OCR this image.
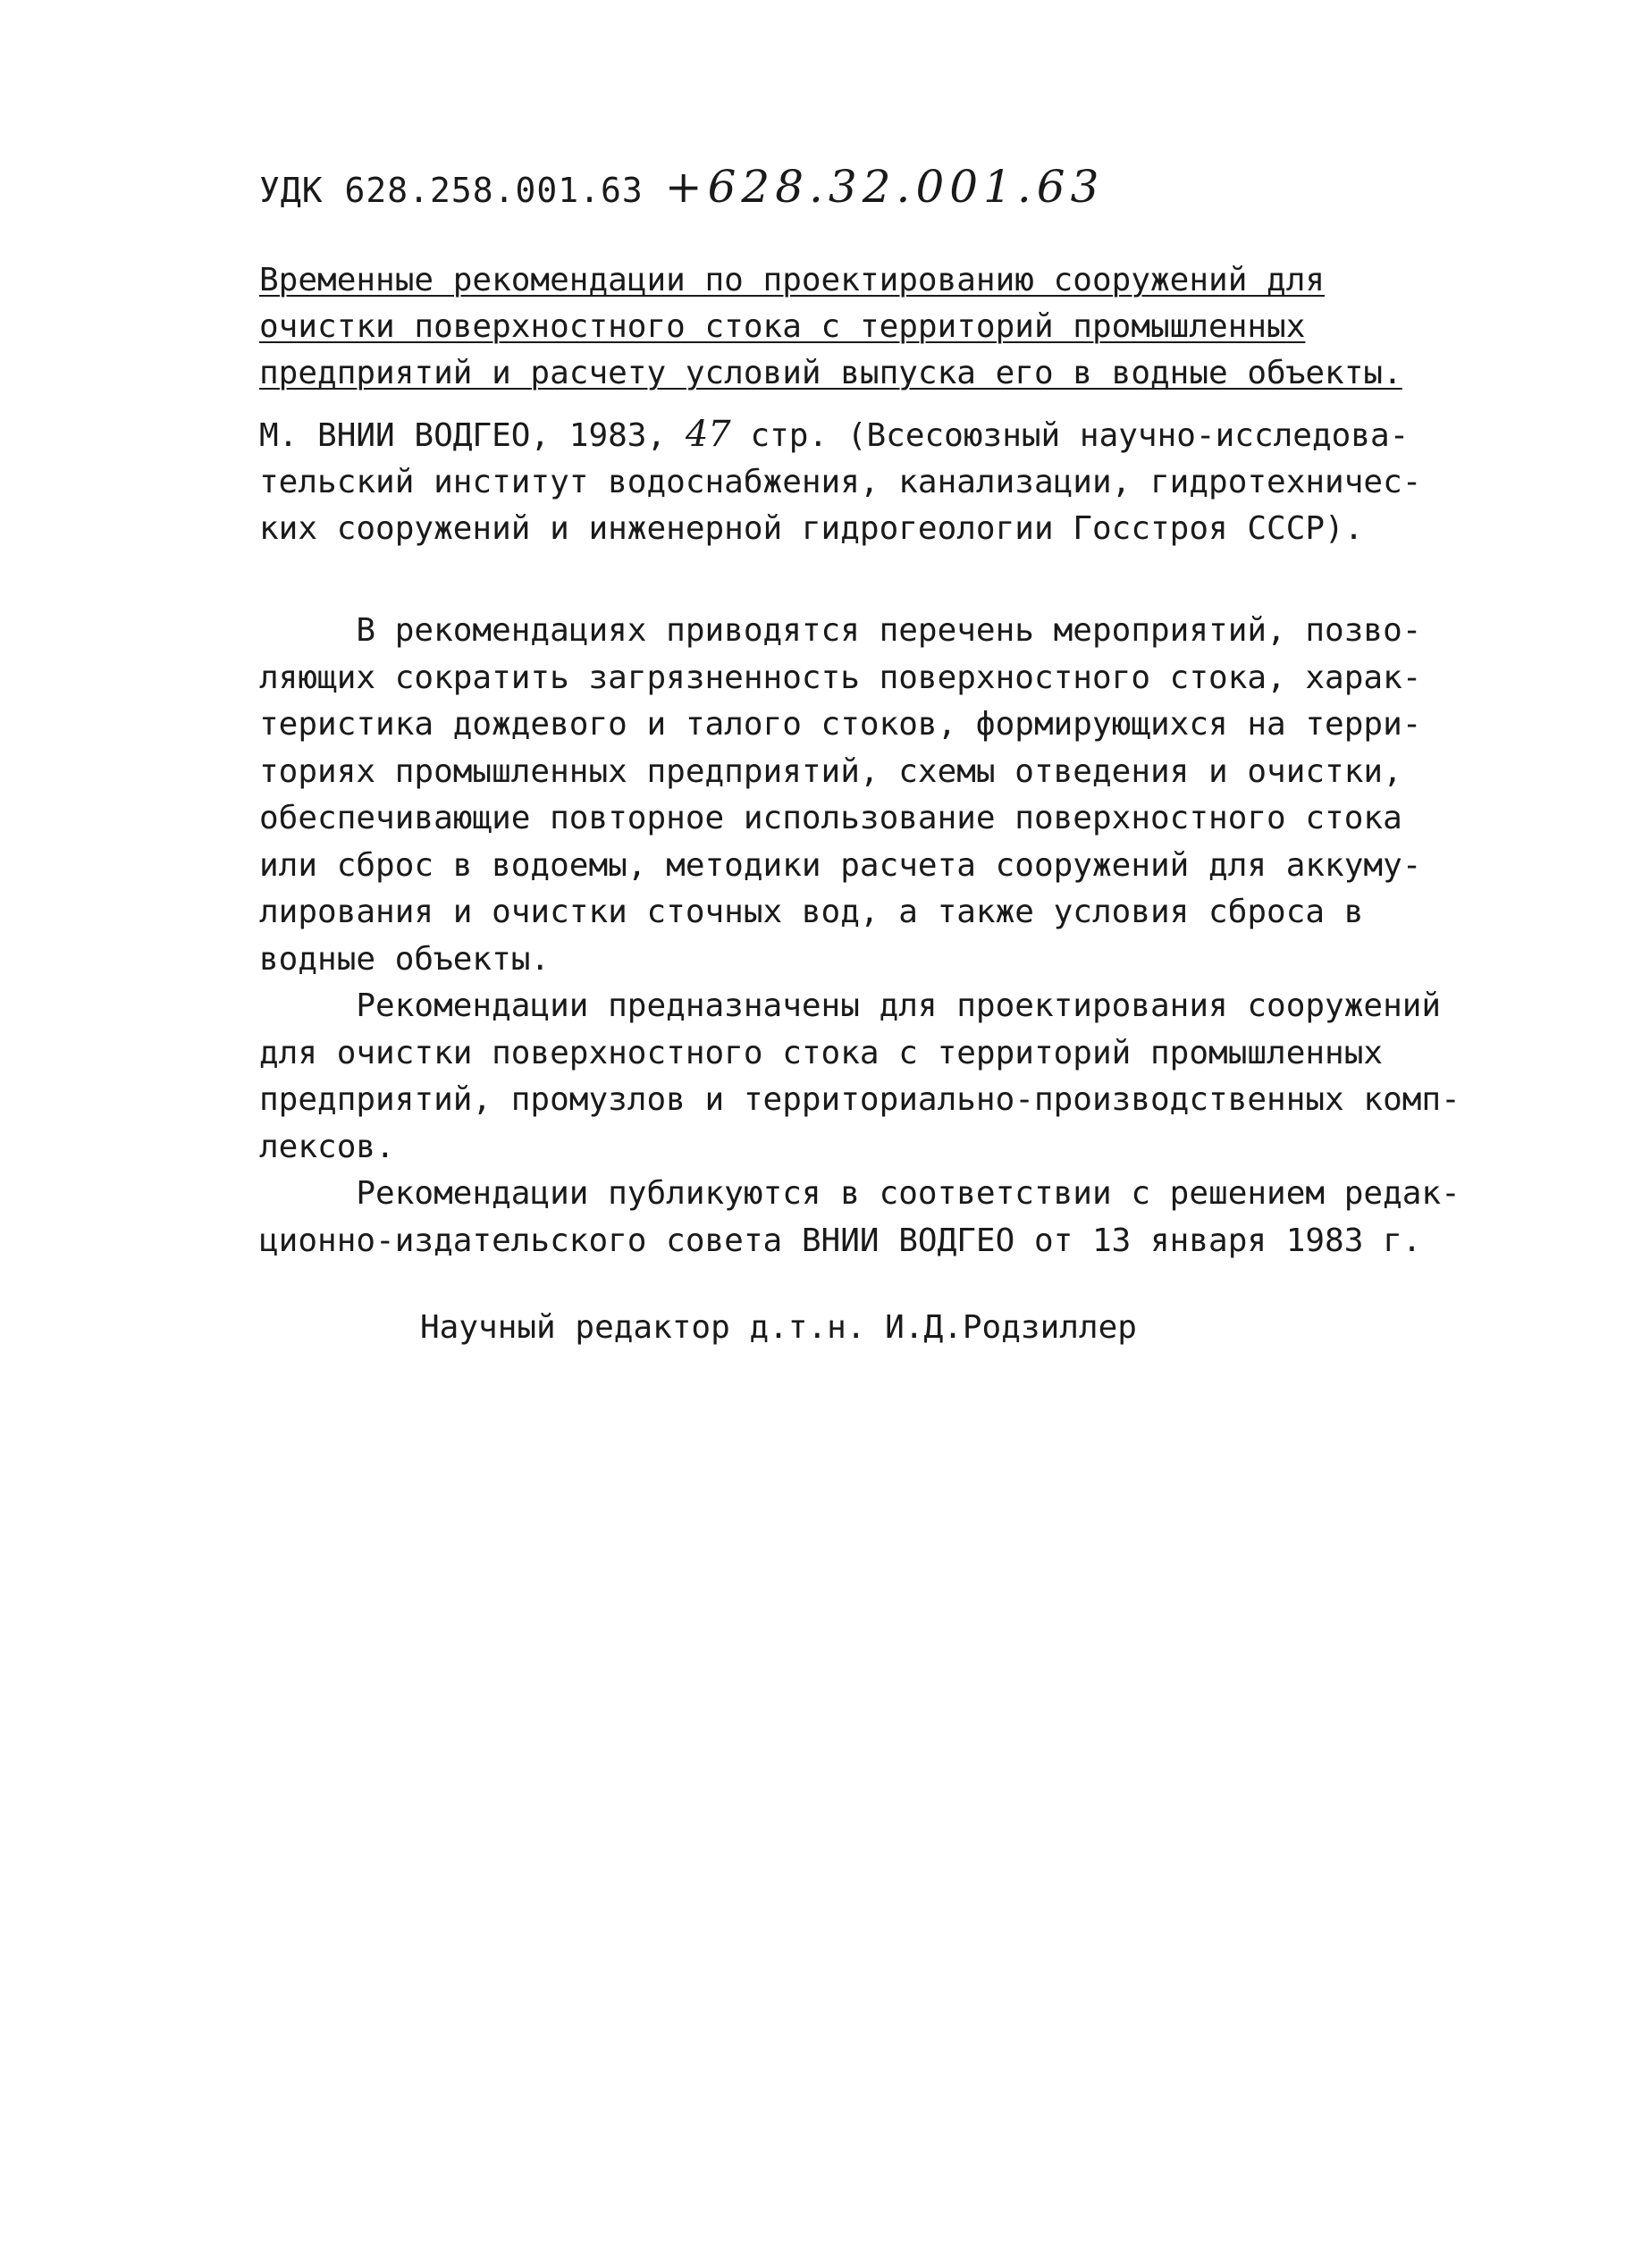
УДК 628.258.001.63 +628.32.001.63
Временные рекомендации по проектированию сооружений для
очистки поверхностного стока с территорий промышленных
предприятий и расчету условий выпуска его в водные объекты.
М. ВНИИ ВОДГЕО, 1983, 47 стр. (Всесоюзный научно-исследова-
тельский институт водоснабжения, канализации, гидротехничес-
ких сооружений и инженерной гидрогеологии Госстроя СССР).
В рекомендациях приводятся перечень мероприятий, позво-
ляющих сократить загрязненность поверхностного стока, харак-
теристика дождевого и талого стоков, формирующихся на терри-
ториях промышленных предприятий, схемы отведения и очистки,
обеспечивающие повторное использование поверхностного стока
или сброс в водоемы, методики расчета сооружений для аккуму-
лирования и очистки сточных вод, а также условия сброса в
водные объекты.
Рекомендации предназначены для проектирования сооружений
для очистки поверхностного стока с территорий промышленных
предприятий, промузлов и территориально-производственных комп-
лексов.
Рекомендации публикуются в соответствии с решением редак-
ционно-издательского совета ВНИИ ВОДГЕО от 13 января 1983 г.
Научный редактор д.т.н. И.Д.Родзиллер
